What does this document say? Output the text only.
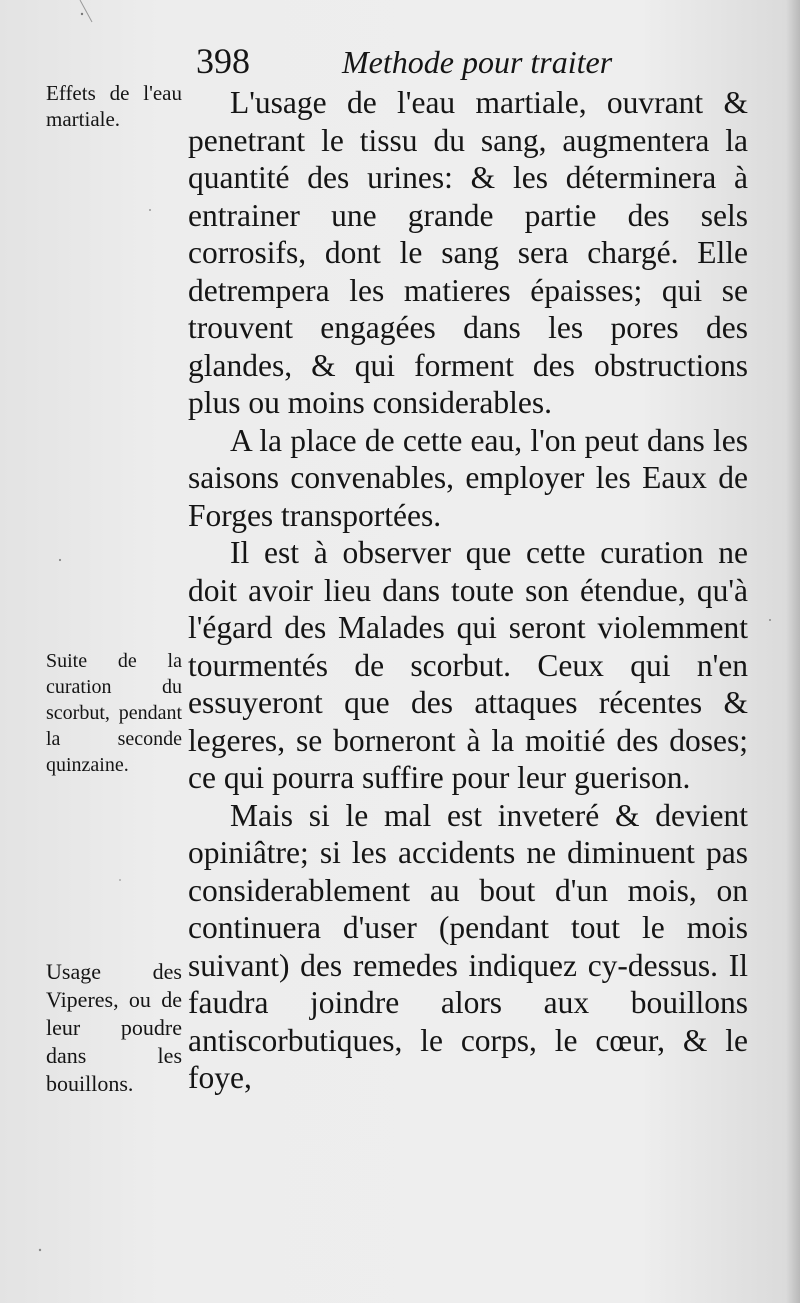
398	Methode pour traiter
Effets de l'eau martiale.
Suite de la curation du scorbut, pendant la seconde quinzaine.
Usage des Viperes, ou de leur poudre dans les bouillons.

L'usage de l'eau martiale, ouvrant & penetrant le tissu du sang, augmentera la quantité des urines: & les déterminera à entrainer une grande partie des sels corrosifs, dont le sang sera chargé. Elle detrempera les matieres épaisses; qui se trouvent engagées dans les pores des glandes, & qui forment des obstructions plus ou moins considerables.

A la place de cette eau, l'on peut dans les saisons convenables, employer les Eaux de Forges transportées.

Il est à observer que cette curation ne doit avoir lieu dans toute son étendue, qu'à l'égard des Malades qui seront violemment tourmentés de scorbut. Ceux qui n'en essuyeront que des attaques récentes & legeres, se borneront à la moitié des doses; ce qui pourra suffire pour leur guerison.

Mais si le mal est inveteré & devient opiniâtre; si les accidents ne diminuent pas considerablement au bout d'un mois, on continuera d'user (pendant tout le mois suivant) des remedes indiquez cy-dessus. Il faudra joindre alors aux bouillons antiscorbutiques, le corps, le cœur, & le foye,
